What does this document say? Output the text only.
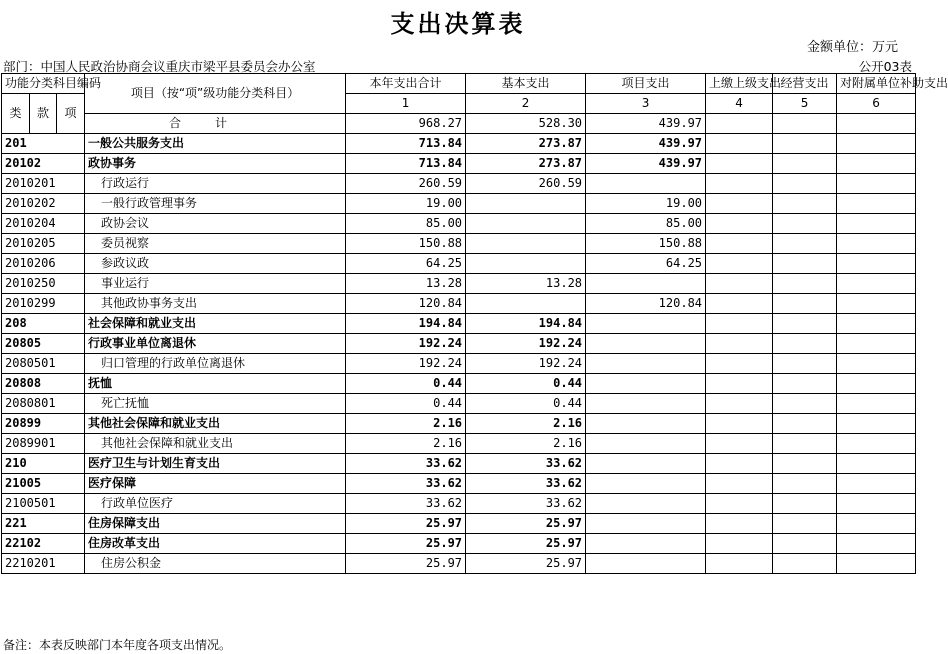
支出决算表
金额单位：万元
部门：中国人民政治协商会议重庆市梁平县委员会办公室	公开03表
功能分类科目编码			项目（按“项”级功能分类科目）	本年支出合计	基本支出	项目支出	上缴上级支出	经营支出	对附属单位补助支出
类	款	项		1	2	3	4	5	6
			合计	968.27	528.30	439.97			
201			一般公共服务支出	713.84	273.87	439.97			
20102			政协事务	713.84	273.87	439.97			
2010201			行政运行	260.59	260.59				
2010202			一般行政管理事务	19.00		19.00			
2010204			政协会议	85.00		85.00			
2010205			委员视察	150.88		150.88			
2010206			参政议政	64.25		64.25			
2010250			事业运行	13.28	13.28				
2010299			其他政协事务支出	120.84		120.84			
208			社会保障和就业支出	194.84	194.84				
20805			行政事业单位离退休	192.24	192.24				
2080501			归口管理的行政单位离退休	192.24	192.24				
20808			抚恤	0.44	0.44				
2080801			死亡抚恤	0.44	0.44				
20899			其他社会保障和就业支出	2.16	2.16				
2089901			其他社会保障和就业支出	2.16	2.16				
210			医疗卫生与计划生育支出	33.62	33.62				
21005			医疗保障	33.62	33.62				
2100501			行政单位医疗	33.62	33.62				
221			住房保障支出	25.97	25.97				
22102			住房改革支出	25.97	25.97				
2210201			住房公积金	25.97	25.97				
备注：本表反映部门本年度各项支出情况。
